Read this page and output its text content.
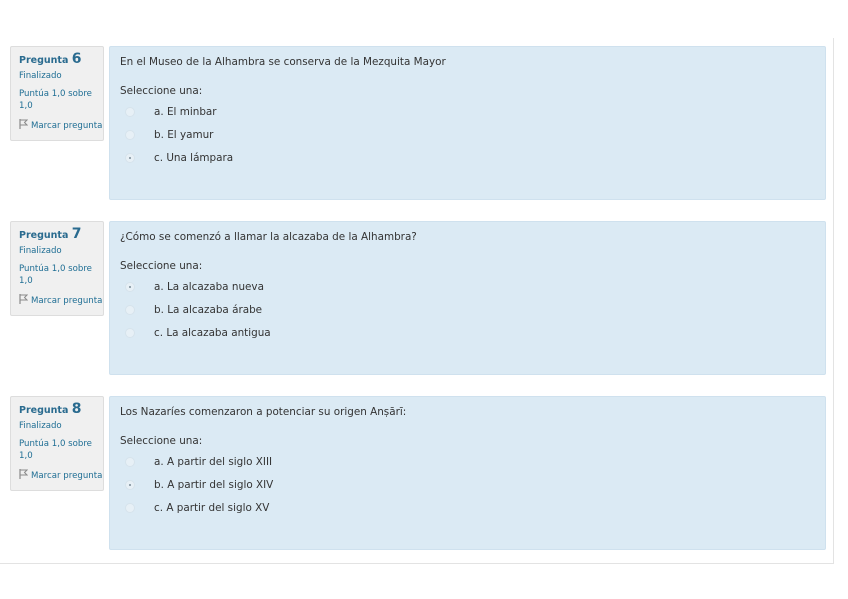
Pregunta 6
Finalizado
Puntúa 1,0 sobre 1,0
Marcar pregunta
En el Museo de la Alhambra se conserva de la Mezquita Mayor
Seleccione una:
a. El minbar
b. El yamur
c. Una lámpara
Pregunta 7
Finalizado
Puntúa 1,0 sobre 1,0
Marcar pregunta
¿Cómo se comenzó a llamar la alcazaba de la Alhambra?
Seleccione una:
a. La alcazaba nueva
b. La alcazaba árabe
c. La alcazaba antigua
Pregunta 8
Finalizado
Puntúa 1,0 sobre 1,0
Marcar pregunta
Los Nazaríes comenzaron a potenciar su origen Anṣārī:
Seleccione una:
a. A partir del siglo XIII
b. A partir del siglo XIV
c. A partir del siglo XV
